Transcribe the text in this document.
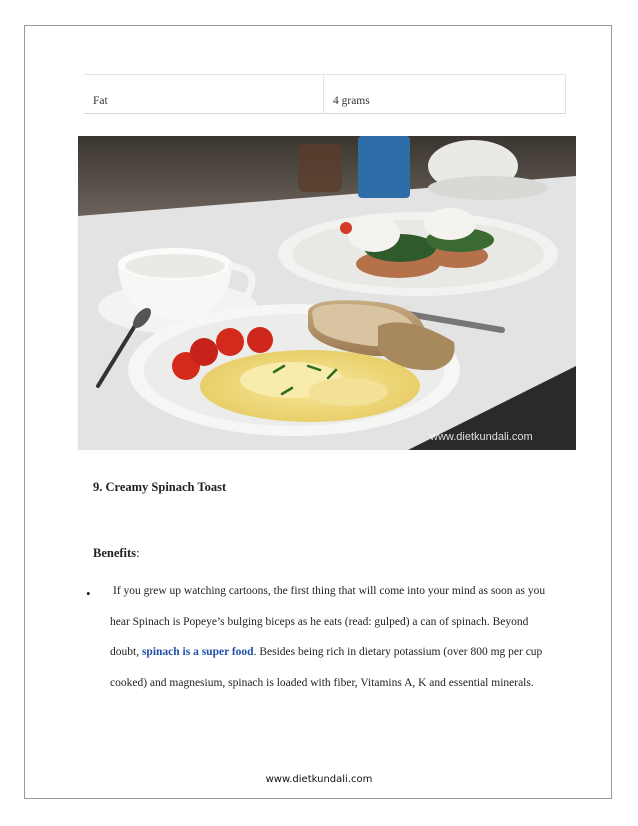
Fat	4 grams
www.dietkundali.com
9. Creamy Spinach Toast
Benefits:
• If you grew up watching cartoons, the first thing that will come into your mind as soon as you
hear Spinach is Popeye’s bulging biceps as he eats (read: gulped) a can of spinach. Beyond
doubt, spinach is a super food. Besides being rich in dietary potassium (over 800 mg per cup
cooked) and magnesium, spinach is loaded with fiber, Vitamins A, K and essential minerals.
www.dietkundali.com
